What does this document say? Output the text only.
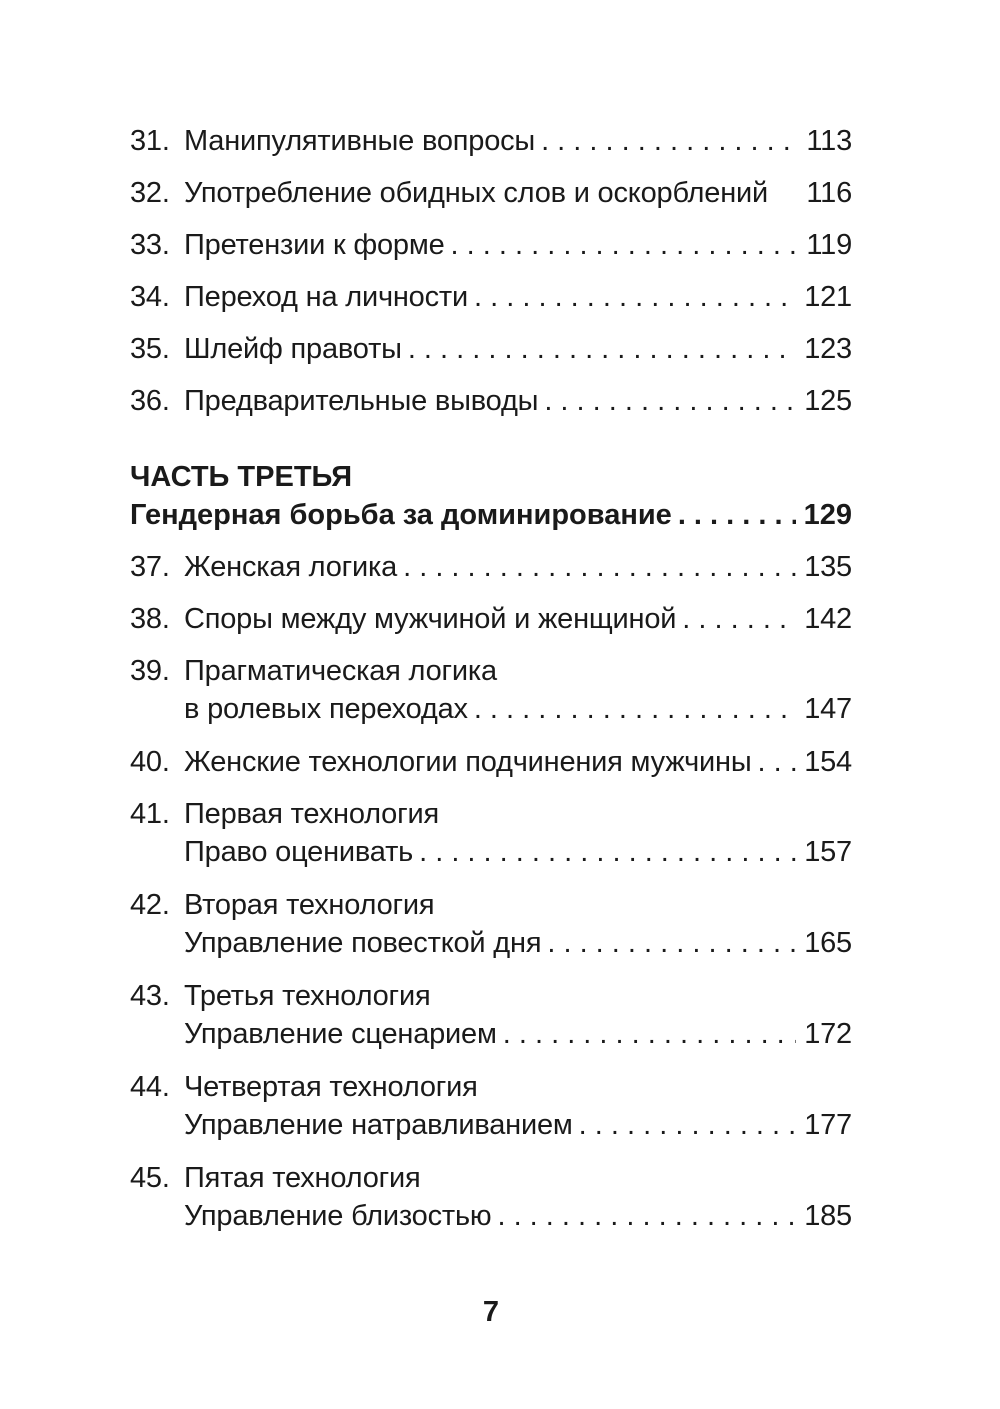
31. Манипулятивные вопросы . . .	113
32. Употребление обидных слов и оскорблений 116
33. Претензии к форме . . .	119
34. Переход на личности . . .	121
35. Шлейф правоты . . .	123
36. Предварительные выводы . . .	125
ЧАСТЬ ТРЕТЬЯ
Гендерная борьба за доминирование . . .	129
37. Женская логика . . .	135
38. Споры между мужчиной и женщиной . . .	142
39. Прагматическая логика
в ролевых переходах . . .	147
40. Женские технологии подчинения мужчины . . . 154
41. Первая технология
Право оценивать . . .	157
42. Вторая технология
Управление повесткой дня . . .	165
43. Третья технология
Управление сценарием . . .	172
44. Четвертая технология
Управление натравливанием . . .	177
45. Пятая технология
Управление близостью . . .	185
7
